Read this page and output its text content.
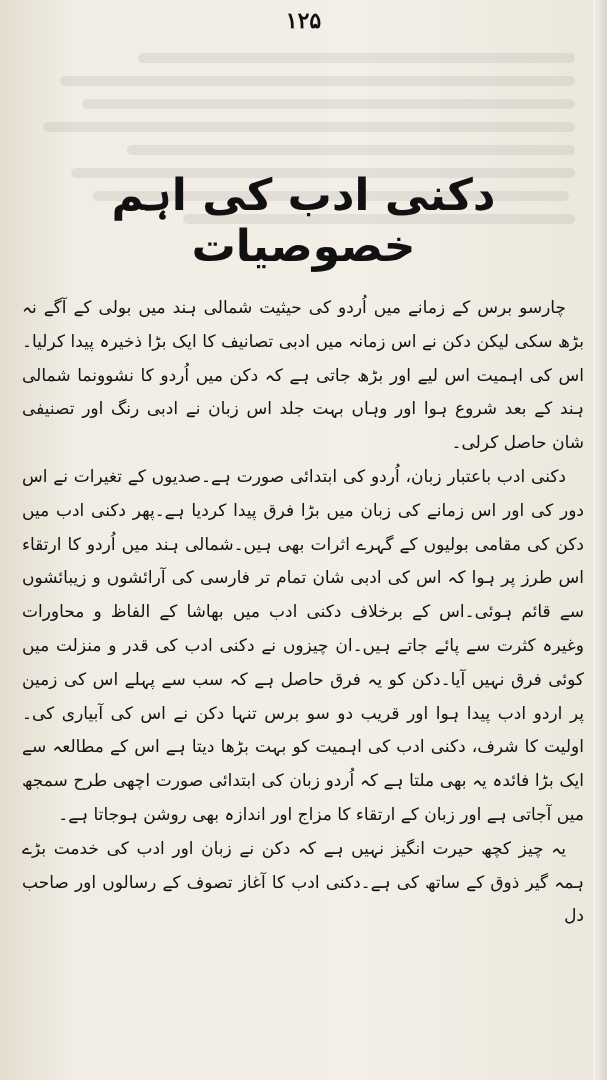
۱۲۵
دکنی ادب کی اہم خصوصیات

چارسو برس کے زمانے میں اُردو کی حیثیت شمالی ہند میں بولی کے آگے نہ بڑھ سکی لیکن دکن نے اس زمانہ میں ادبی تصانیف کا ایک بڑا ذخیرہ پیدا کرلیا۔اس کی اہمیت اس لیے اور بڑھ جاتی ہے کہ دکن میں اُردو کا نشوونما شمالی ہند کے بعد شروع ہوا اور وہاں بہت جلد اس زبان نے ادبی رنگ اور تصنیفی شان حاصل کرلی۔

دکنی ادب باعتبار زبان، اُردو کی ابتدائی صورت ہے۔صدیوں کے تغیرات نے اس دور کی اور اس زمانے کی زبان میں بڑا فرق پیدا کردیا ہے۔پھر دکنی ادب میں دکن کی مقامی بولیوں کے گہرے اثرات بھی ہیں۔شمالی ہند میں اُردو کا ارتقاء اس طرز پر ہوا کہ اس کی ادبی شان تمام تر فارسی کی آرائشوں و زیبائشوں سے قائم ہوئی۔اس کے برخلاف دکنی ادب میں بھاشا کے الفاظ و محاورات وغیرہ کثرت سے پائے جاتے ہیں۔ان چیزوں نے دکنی ادب کی قدر و منزلت میں کوئی فرق نہیں آیا۔دکن کو یہ فرق حاصل ہے کہ سب سے پہلے اس کی زمین پر اردو ادب پیدا ہوا اور قریب دو سو برس تنہا دکن نے اس کی آبیاری کی۔اولیت کا شرف، دکنی ادب کی اہمیت کو بہت بڑھا دیتا ہے اس کے مطالعہ سے ایک بڑا فائدہ یہ بھی ملتا ہے کہ اُردو زبان کی ابتدائی صورت اچھی طرح سمجھ میں آجاتی ہے اور زبان کے ارتقاء کا مزاج اور اندازہ بھی روشن ہوجاتا ہے۔

یہ چیز کچھ حیرت انگیز نہیں ہے کہ دکن نے زبان اور ادب کی خدمت بڑے ہمہ گیر ذوق کے ساتھ کی ہے۔دکنی ادب کا آغاز تصوف کے رسالوں اور صاحب دل
